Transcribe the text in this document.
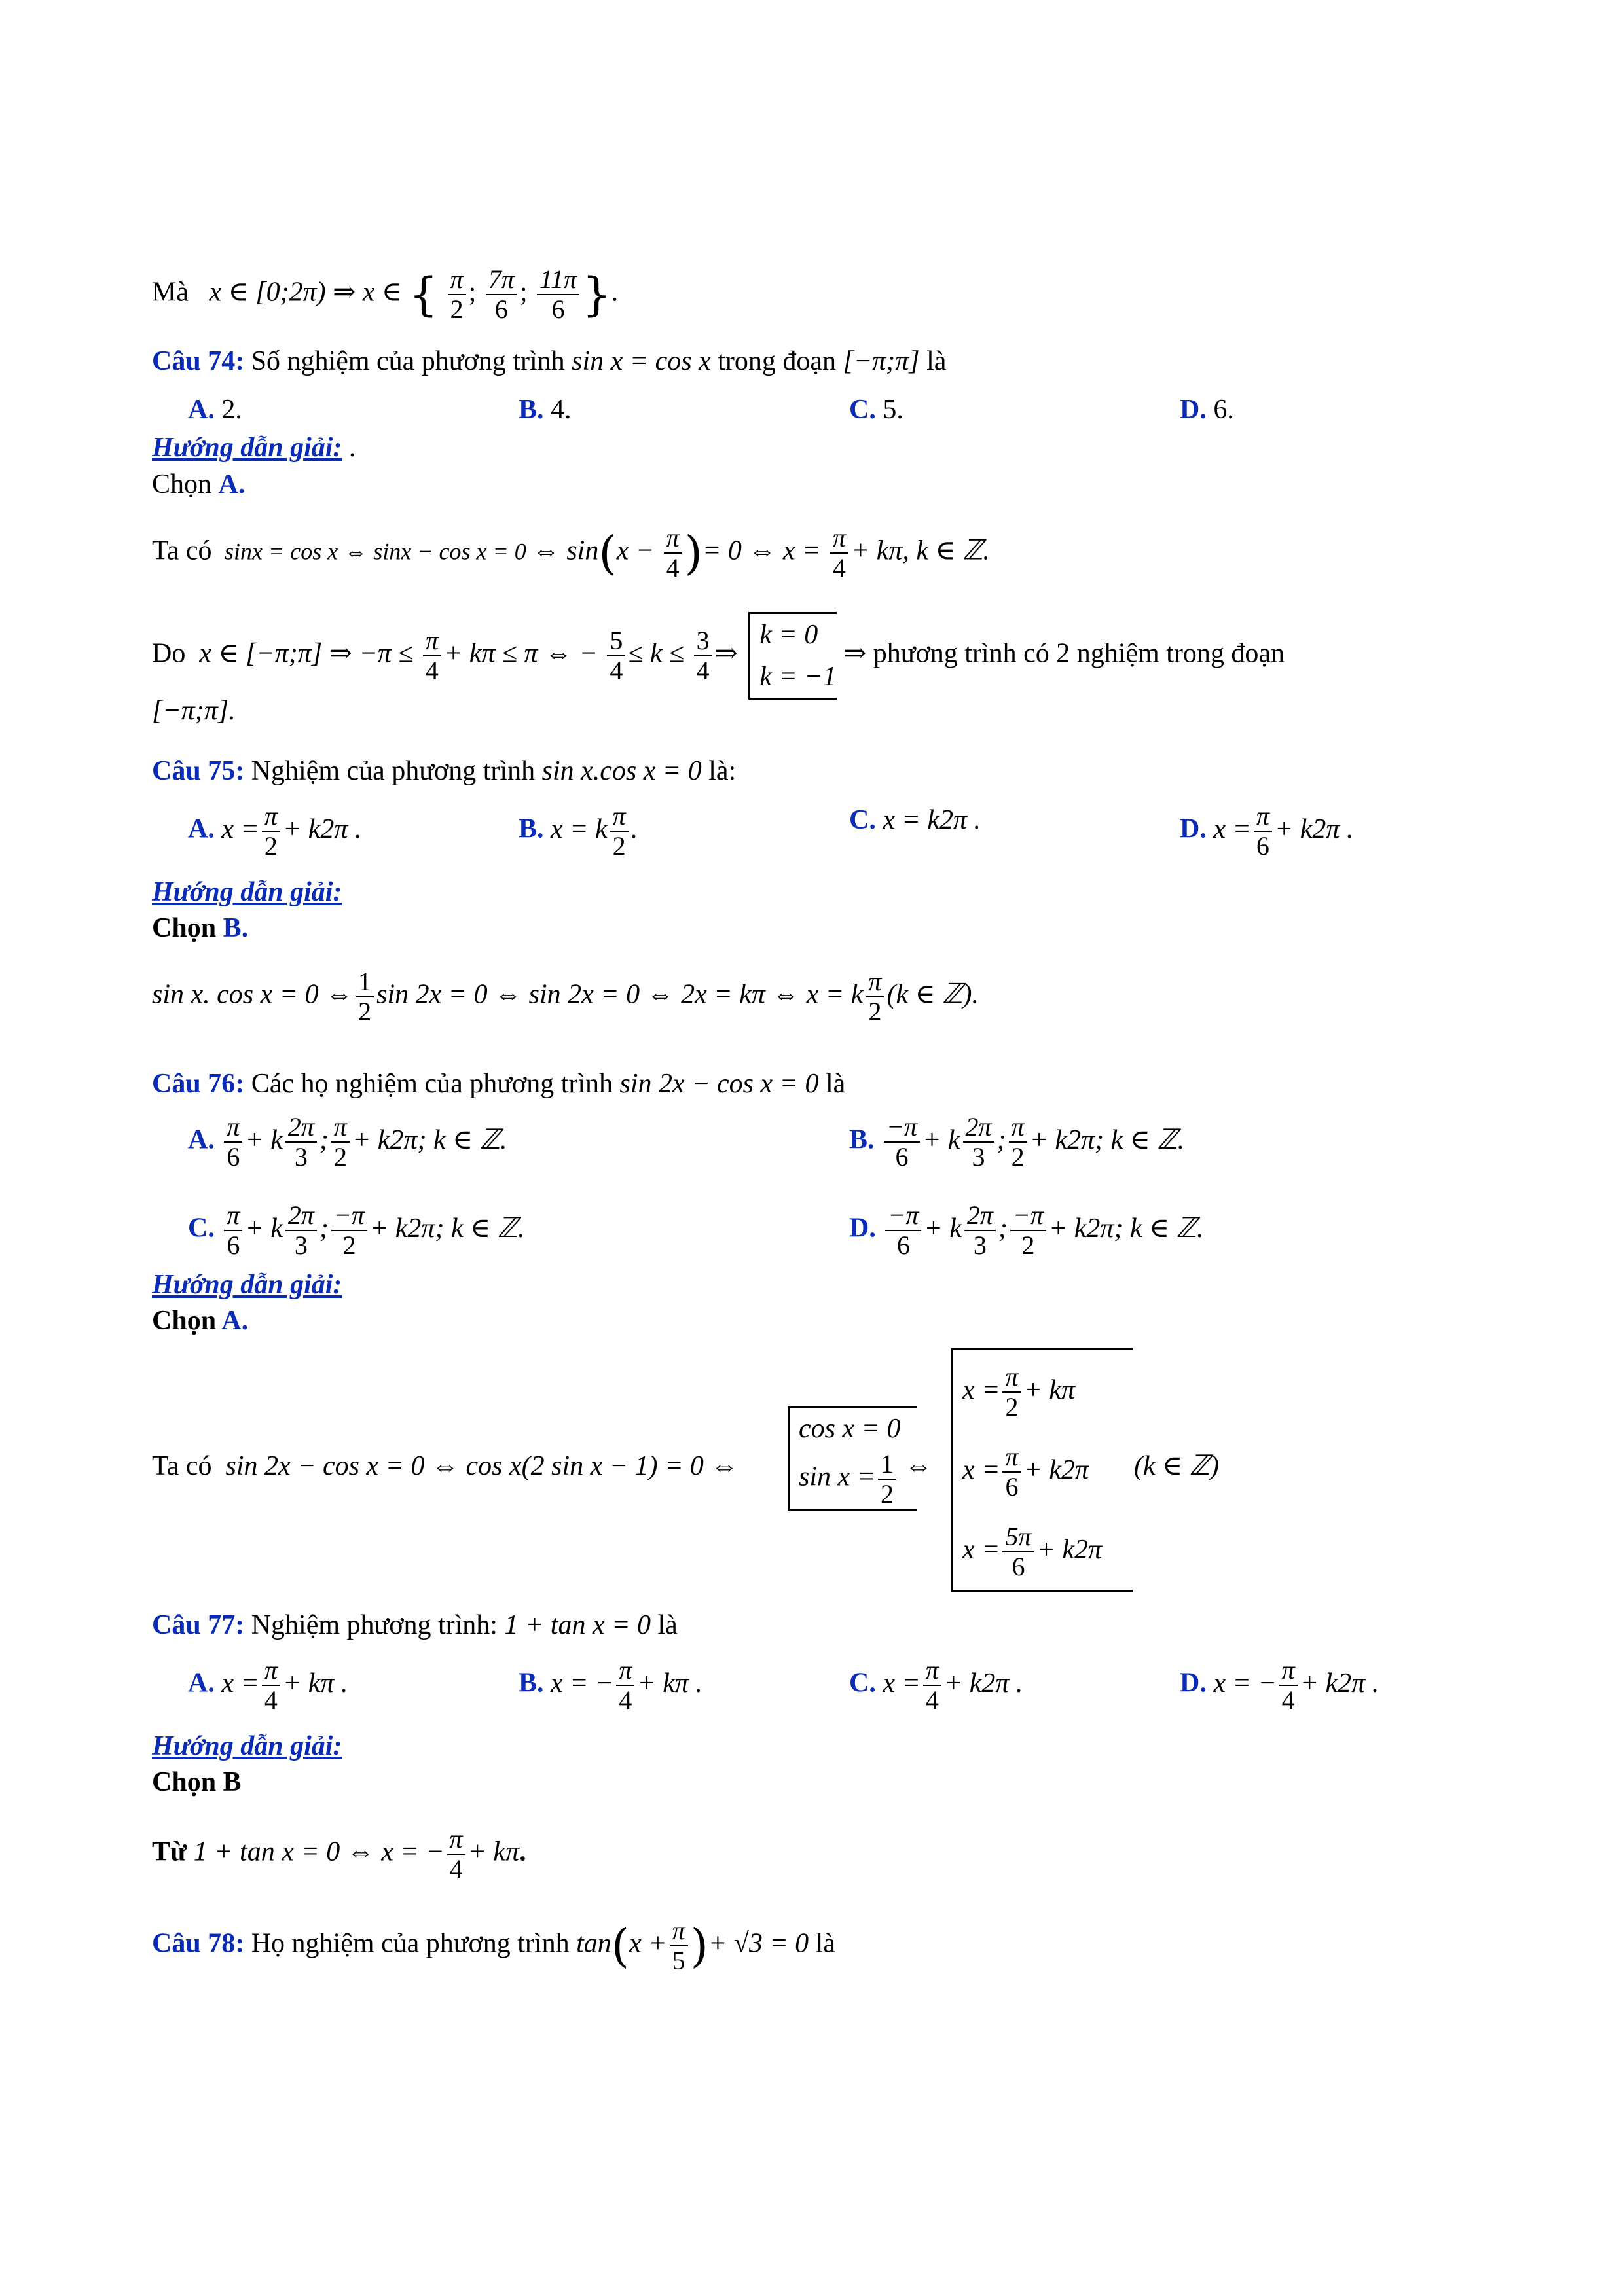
Mà   x ∈ [0;2π) ⇒ x ∈ { $\frac{\pi}{2}$ ; $\frac{7\pi}{6}$ ; $\frac{11\pi}{6}$ }.
Câu 74: Số nghiệm của phương trình sin x = cos x trong đoạn [−π;π] là
A. 2.	B. 4.	C. 5.	D. 6.
Hướng dẫn giải: .
Chọn A.
Ta có  sinx = cos x ⇔ sinx − cos x = 0 ⇔ $\sin(x - \frac{\pi}{4}$ )= 0 ⇔ $x = \frac{\pi}{4} + k\pi$, k ∈ ℤ.
Do  x ∈ [−π;π] ⇒ $-\pi \le \frac{\pi}{4} + k\pi \le \pi$ ⇔ − $\frac{5}{4} \le k \le \frac{3}{4}$ ⇒
k = 0
k = −1
⇒ phương trình có 2 nghiệm trong đoạn
[−π;π].
Câu 75: Nghiệm của phương trình sin x.cos x = 0 là:
A. $x = \frac{\pi}{2} + k2\pi$ .	B. x = k $\frac{\pi}{2}$ .	C. x = k2π .	D. $x = \frac{\pi}{6} + k2\pi$ .
Hướng dẫn giải:
Chọn B.
sin x. cos x = 0 ⇔ $\frac{1}{2}$ sin 2x = 0 ⇔ sin 2x = 0 ⇔ 2x = kπ ⇔ x = k $\frac{\pi}{2} (k$ ∈ ℤ).
Câu 76: Các họ nghiệm của phương trình sin 2x − cos x = 0 là
A. $\frac{\pi}{6} + k \frac{2\pi}{3}$ ; $\frac{\pi}{2} + k2\pi$; k ∈ ℤ.	B. $\frac{-\pi}{6} + k \frac{2\pi}{3}$ ; $\frac{\pi}{2} + k2\pi$; k ∈ ℤ.
C. $\frac{\pi}{6} + k \frac{2\pi}{3}$ ; $\frac{-\pi}{2} + k2\pi$; k ∈ ℤ.	D. $\frac{-\pi}{6} + k \frac{2\pi}{3}$ ; $\frac{-\pi}{2} + k2\pi$; k ∈ ℤ.
Hướng dẫn giải:
Chọn A.
Ta có  sin 2x − cos x = 0 ⇔ cos x(2 sin x − 1) = 0 ⇔
cos x = 0
$\sin x = \frac{1}{2}$ ⇔
$x = \frac{\pi}{2} + k\pi$
$x = \frac{\pi}{6} + k2\pi$
$x = \frac{5\pi}{6} + k2\pi$
(k ∈ ℤ)
Câu 77: Nghiệm phương trình: 1 + tan x = 0 là
A. $x = \frac{\pi}{4} + k\pi$ .	B. x = − $\frac{\pi}{4} + k\pi$ .	C. $x = \frac{\pi}{4} + k2\pi$ .	D. x = − $\frac{\pi}{4} + k2\pi$ .
Hướng dẫn giải:
Chọn B
Từ 1 + tan x = 0 ⇔ x = − $\frac{\pi}{4} + k\pi$.
Câu 78: Họ nghiệm của phương trình $\tan(x + \frac{\pi}{5}$ )+ √3 = 0 là
